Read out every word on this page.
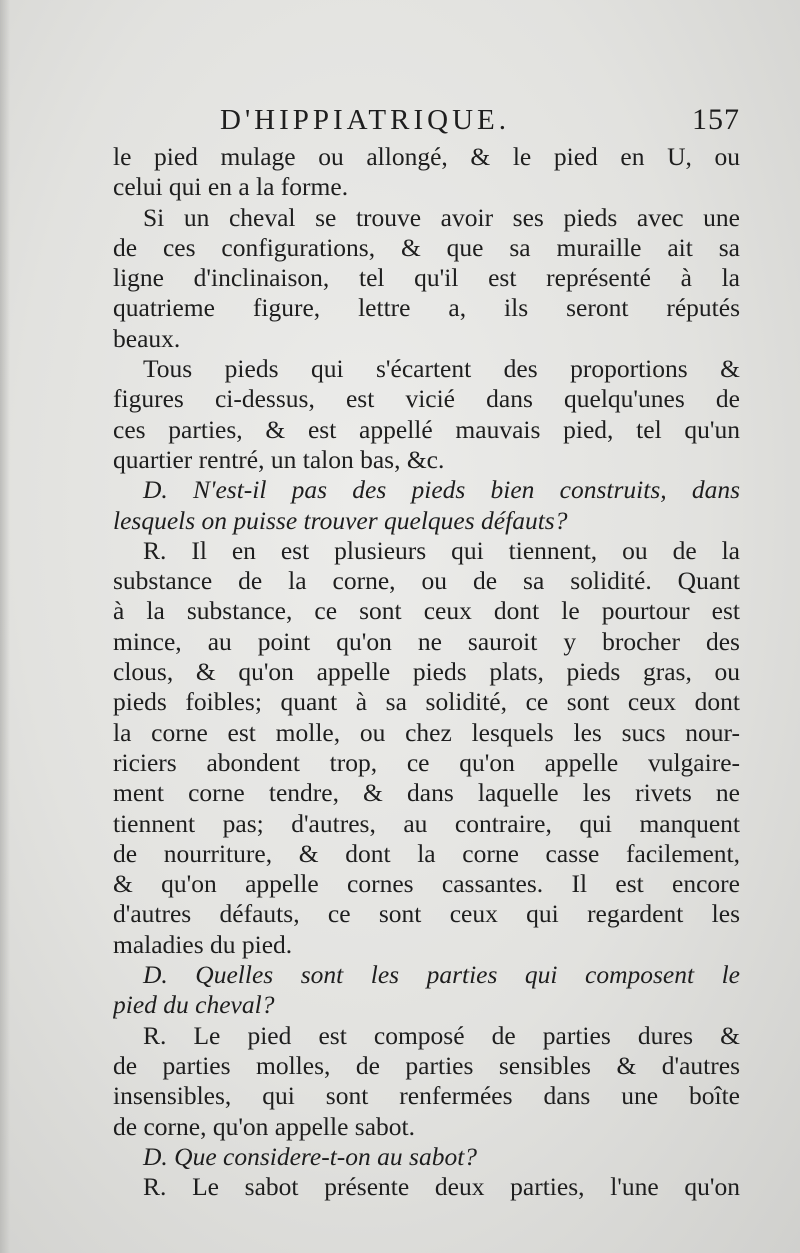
D'HIPPIATRIQUE.	157
le pied mulage ou allongé, & le pied en U, ou
celui qui en a la forme.
Si un cheval se trouve avoir ses pieds avec une
de ces configurations, & que sa muraille ait sa
ligne d'inclinaison, tel qu'il est représenté à la
quatrieme figure, lettre a, ils seront réputés
beaux.
Tous pieds qui s'écartent des proportions &
figures ci-dessus, est vicié dans quelqu'unes de
ces parties, & est appellé mauvais pied, tel qu'un
quartier rentré, un talon bas, &c.
D. N'est-il pas des pieds bien construits, dans
lesquels on puisse trouver quelques défauts?
R. Il en est plusieurs qui tiennent, ou de la
substance de la corne, ou de sa solidité. Quant
à la substance, ce sont ceux dont le pourtour est
mince, au point qu'on ne sauroit y brocher des
clous, & qu'on appelle pieds plats, pieds gras, ou
pieds foibles; quant à sa solidité, ce sont ceux dont
la corne est molle, ou chez lesquels les sucs nour-
riciers abondent trop, ce qu'on appelle vulgaire-
ment corne tendre, & dans laquelle les rivets ne
tiennent pas; d'autres, au contraire, qui manquent
de nourriture, & dont la corne casse facilement,
& qu'on appelle cornes cassantes. Il est encore
d'autres défauts, ce sont ceux qui regardent les
maladies du pied.
D. Quelles sont les parties qui composent le
pied du cheval?
R. Le pied est composé de parties dures &
de parties molles, de parties sensibles & d'autres
insensibles, qui sont renfermées dans une boîte
de corne, qu'on appelle sabot.
D. Que considere-t-on au sabot?
R. Le sabot présente deux parties, l'une qu'on
